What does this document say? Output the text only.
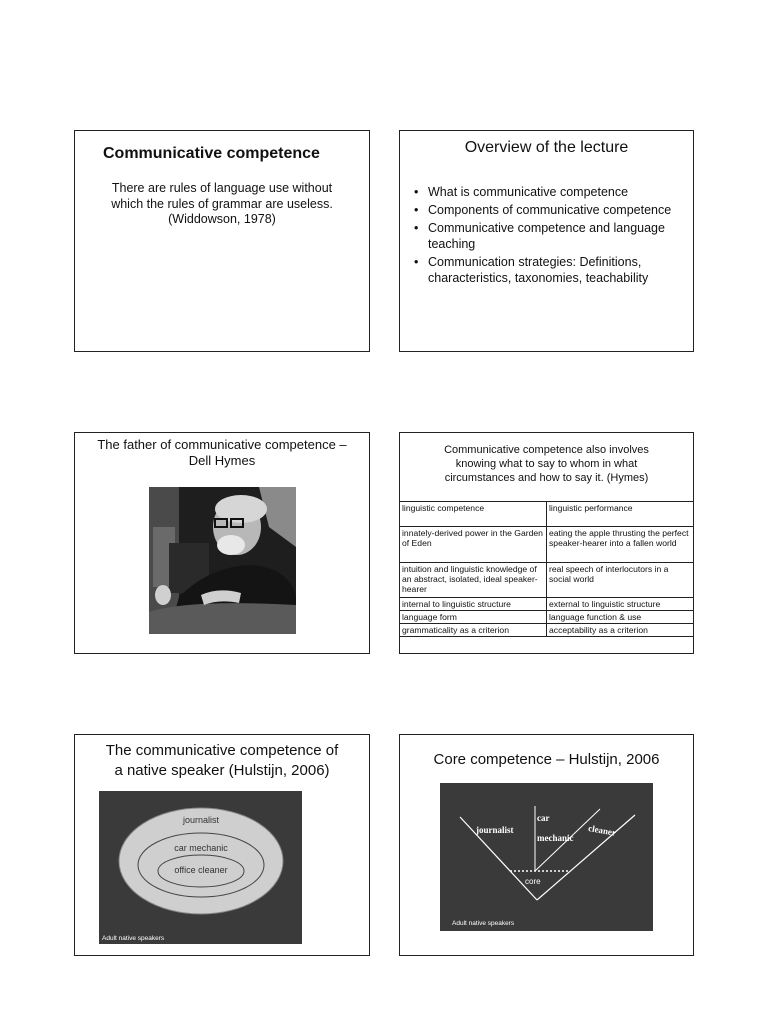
Communicative competence
There are rules of language use without
which the rules of grammar are useless.
(Widdowson, 1978)
Overview of the lecture
• What is communicative competence
• Components of communicative competence
• Communicative competence and language teaching
• Communication strategies: Definitions, characteristics, taxonomies, teachability
The father of communicative competence –
Dell Hymes
Communicative competence also involves
knowing what to say to whom in what
circumstances and how to say it. (Hymes)
linguistic competence	linguistic performance
innately-derived power in the Garden of Eden	eating the apple thrusting the perfect speaker-hearer into a fallen world
intuition and linguistic knowledge of an abstract, isolated, ideal speaker-hearer	real speech of interlocutors in a social world
internal to linguistic structure	external to linguistic structure
language form	language function & use
grammaticality as a criterion	acceptability as a criterion
The communicative competence of
a native speaker (Hulstijn, 2006)
journalist
car mechanic
office cleaner
Adult native speakers
Core competence – Hulstijn, 2006
journalist
car
mechanic
cleaner
core
Adult native speakers
